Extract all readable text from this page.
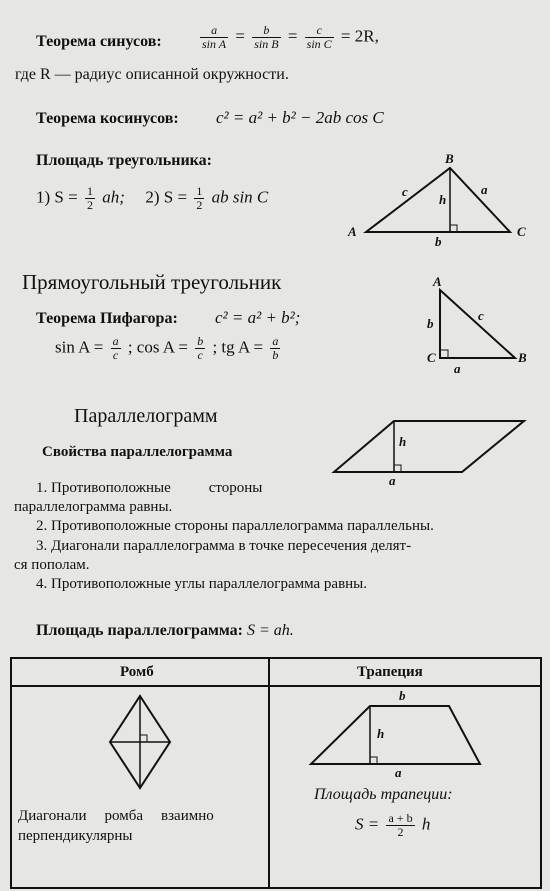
Теорема синусов:	$\frac{a}{\text{sin A}} = \frac{b}{\text{sin B}} = \frac{c}{\text{sin C}} = 2R$,
где R — радиус описанной окружности.
Теорема косинусов: c² = a² + b² − 2ab cos C
Площадь треугольника:
1) $S = \frac{1}{2}$ ah; 2) $S = \frac{1}{2}$ ab sin C
B
A	C
c	a
h
b
Прямоугольный треугольник
Теорема Пифагора: c² = a² + b²;
$\sin A = \frac{a}{c}$ ; $\cos A = \frac{b}{c}$ ; tg $A = \frac{a}{b}$
A
C	B
b
c
a
Параллелограмм
Свойства параллелограмма
h
a
1. Противоположные	стороны
параллелограмма равны.
2. Противоположные стороны параллелограмма параллельны.
3. Диагонали параллелограмма в точке пересечения делят-
ся пополам.
4. Противоположные углы параллелограмма равны.
Площадь параллелограмма: S = ah.
Ромб	Трапеция
Диагонали ромба взаимно
перпендикулярны
b
h
a
Площадь трапеции:
$S = \frac{a + b}{2}$ h
